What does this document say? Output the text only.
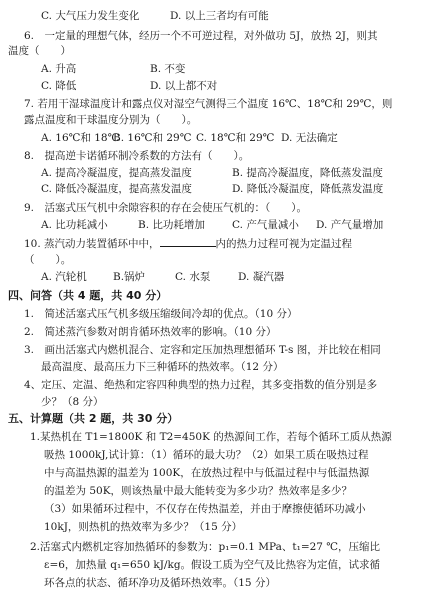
C. 大气压力发生变化	D. 以上三者均有可能
6.　一定量的理想气体，经历一个不可逆过程，对外做功 5J，放热 2J，则其
温度（　　）
A. 升高	B. 不变
C. 降低	D. 以上都不对
7. 若用干湿球温度计和露点仪对湿空气测得三个温度 16℃、18℃和 29℃，则
露点温度和干球温度分别为（　　）。
A. 16℃和 18℃
B. 16℃和 29℃ C. 18℃和 29℃ D. 无法确定
8.　提高逆卡诺循环制冷系数的方法有（　　）。
A. 提高冷凝温度，提高蒸发温度	B. 提高冷凝温度，降低蒸发温度
C. 降低冷凝温度，提高蒸发温度	D. 降低冷凝温度，降低蒸发温度
9.　活塞式压气机中余隙容积的存在会使压气机的：（　　）。
A. 比功耗减小	B. 比功耗增加	C. 产气量减小 D. 产气量增加
10. 蒸汽动力装置循环中中，	内的热力过程可视为定温过程
（　　）。
A. 汽轮机 B.锅炉	C. 水泵	D. 凝汽器
四、问答（共 4 题，共 40 分）
1.　简述活塞式压气机多级压缩级间冷却的优点。（10 分）
2.　简述蒸汽参数对朗肯循环热效率的影响。（10 分）
3.　画出活塞式内燃机混合、定容和定压加热理想循环 T-s 图，并比较在相同
最高温度、最高压力下三种循环的热效率。（12 分）
4、定压、定温、绝热和定容四种典型的热力过程，其多变指数的值分别是多
少？（8 分）
五、计算题（共 2 题，共 30 分）
1.某热机在 T1=1800K 和 T2=450K 的热源间工作，若每个循环工质从热源
吸热 1000kJ,试计算：（1）循环的最大功？（2）如果工质在吸热过程
中与高温热源的温差为 100K，在放热过程中与低温过程中与低温热源
的温差为 50K，则该热量中最大能转变为多少功？热效率是多少？
（3）如果循环过程中，不仅存在传热温差，并由于摩擦使循环功减小
10kJ，则热机的热效率为多少？（15 分）
2.活塞式内燃机定容加热循环的参数为：p₁=0.1 MPa、t₁=27 ℃，压缩比
ε=6，加热量 q₁=650 kJ/kg。假设工质为空气及比热容为定值，试求循
环各点的状态、循环净功及循环热效率。（15 分）
